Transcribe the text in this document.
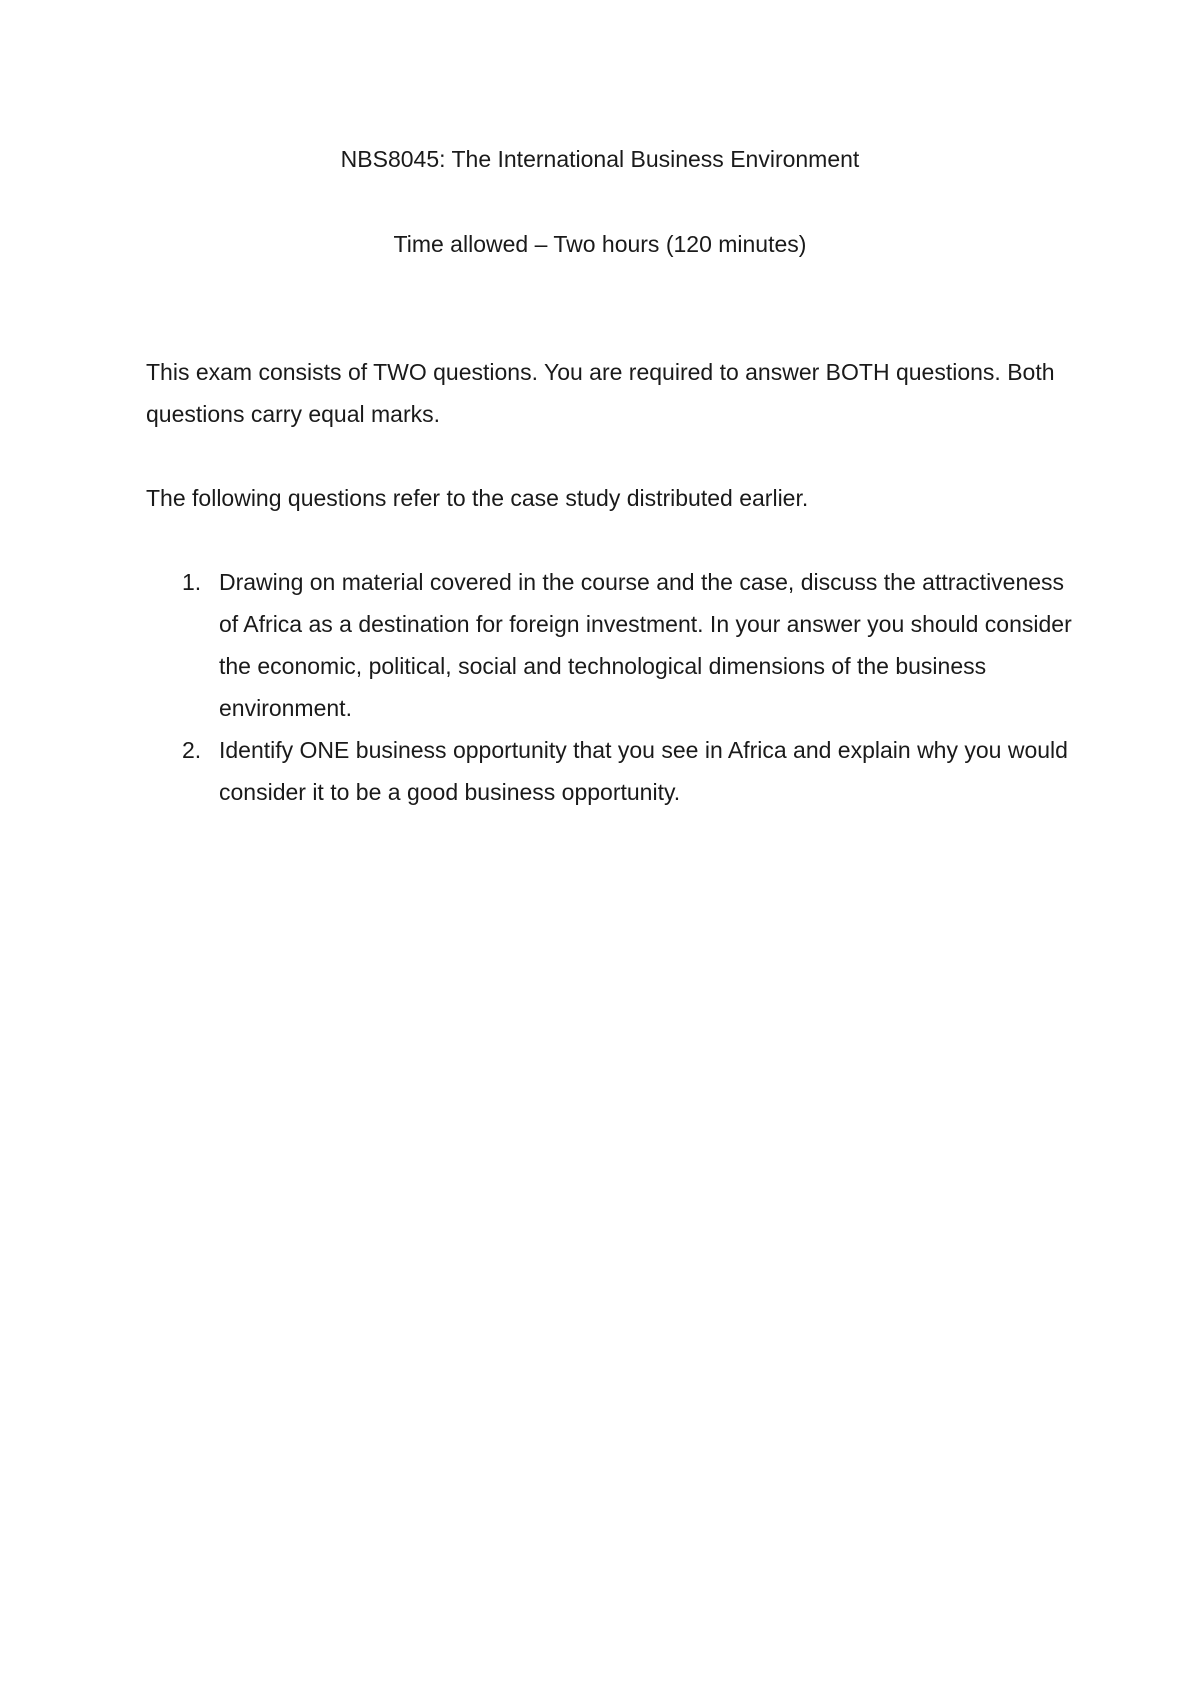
NBS8045: The International Business Environment

Time allowed – Two hours (120 minutes)

This exam consists of TWO questions. You are required to answer BOTH questions. Both questions carry equal marks.

The following questions refer to the case study distributed earlier.

1. Drawing on material covered in the course and the case, discuss the attractiveness of Africa as a destination for foreign investment. In your answer you should consider the economic, political, social and technological dimensions of the business environment.
2. Identify ONE business opportunity that you see in Africa and explain why you would consider it to be a good business opportunity.
